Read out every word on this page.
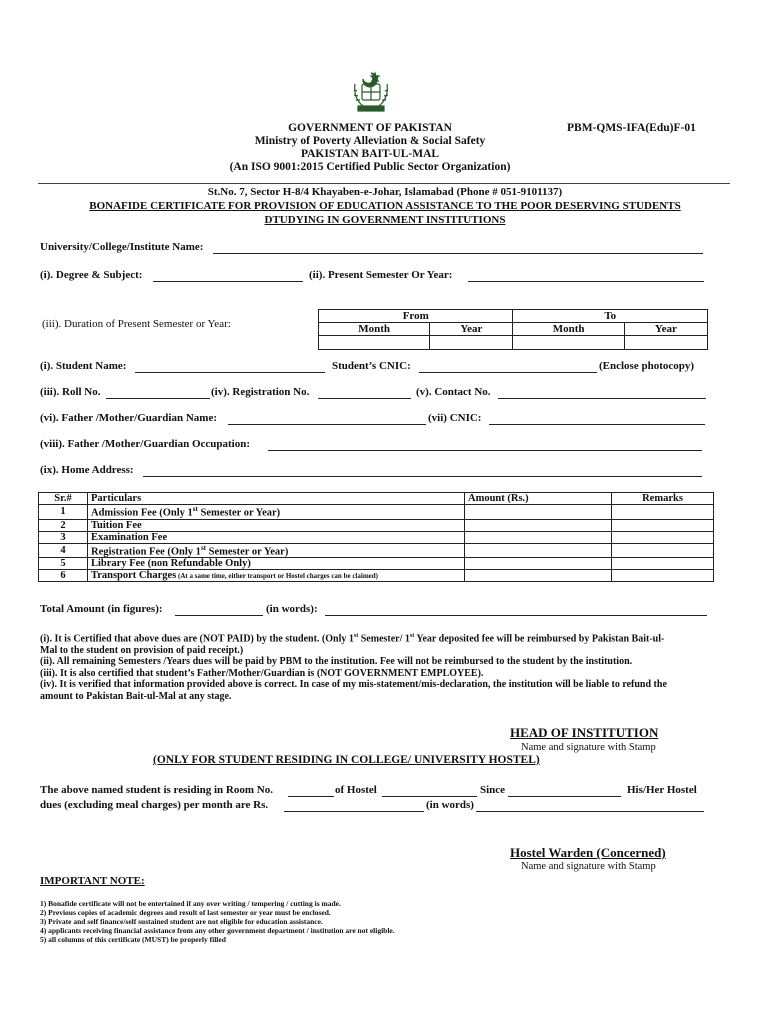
GOVERNMENT OF PAKISTAN
Ministry of Poverty Alleviation & Social Safety
PAKISTAN BAIT-UL-MAL
(An ISO 9001:2015 Certified Public Sector Organization)
PBM-QMS-IFA(Edu)F-01
St.No. 7, Sector H-8/4 Khayaben-e-Johar, Islamabad (Phone # 051-9101137)
BONAFIDE CERTIFICATE FOR PROVISION OF EDUCATION ASSISTANCE TO THE POOR DESERVING STUDENTS
DTUDYING IN GOVERNMENT INSTITUTIONS
University/College/Institute Name:
(i). Degree & Subject:	(ii). Present Semester Or Year:
(iii). Duration of Present Semester or Year:
From		To	
Month	Year	Month	Year

(i). Student Name:	Student’s CNIC:	(Enclose photocopy)
(iii). Roll No.	(iv). Registration No.	(v). Contact No.
(vi). Father /Mother/Guardian Name:	(vii) CNIC:
(viii). Father /Mother/Guardian Occupation:
(ix). Home Address:
Sr.#	Particulars	Amount (Rs.)	Remarks
1	Admission Fee (Only 1st Semester or Year)		
2	Tuition Fee		
3	Examination Fee		
4	Registration Fee (Only 1st Semester or Year)		
5	Library Fee (non Refundable Only)		
6	Transport Charges (At a same time, either transport or Hostel charges can be claimed)		
Total Amount (in figures):	(in words):
(i). It is Certified that above dues are (NOT PAID) by the student. (Only 1st Semester/ 1st Year deposited fee will be reimbursed by Pakistan Bait-ul-
Mal to the student on provision of paid receipt.)
(ii). All remaining Semesters /Years dues will be paid by PBM to the institution. Fee will not be reimbursed to the student by the institution.
(iii). It is also certified that student’s Father/Mother/Guardian is (NOT GOVERNMENT EMPLOYEE).
(iv). It is verified that information provided above is correct. In case of my mis-statement/mis-declaration, the institution will be liable to refund the
amount to Pakistan Bait-ul-Mal at any stage.
HEAD OF INSTITUTION
Name and signature with Stamp
(ONLY FOR STUDENT RESIDING IN COLLEGE/ UNIVERSITY HOSTEL)
The above named student is residing in Room No.	of Hostel	Since	His/Her Hostel
dues (excluding meal charges) per month are Rs.	(in words)
Hostel Warden (Concerned)
Name and signature with Stamp
IMPORTANT NOTE:
1) Bonafide certificate will not be entertained if any over writing / tempering / cutting is made.
2) Previous copies of academic degrees and result of last semester or year must be enclosed.
3) Private and self finance/self sustained student are not eligible for education assistance.
4) applicants receiving financial assistance from any other government department / institution are not eligible.
5) all columns of this certificate (MUST) be properly filled
